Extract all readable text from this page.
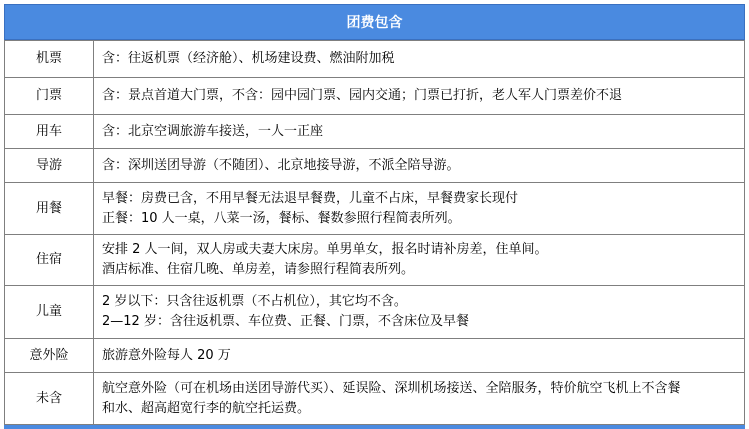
团费包含
机票	含：往返机票（经济舱）、机场建设费、燃油附加税

门票	含：景点首道大门票，不含：园中园门票、园内交通；门票已打折，老人军人门票差价不退

用车	含：北京空调旅游车接送，一人一正座

导游	含：深圳送团导游（不随团）、北京地接导游，不派全陪导游。

用餐	早餐：房费已含，不用早餐无法退早餐费，儿童不占床，早餐费家长现付
正餐：10 人一桌，八菜一汤，餐标、餐数参照行程简表所列。

住宿	安排 2 人一间，双人房或夫妻大床房。单男单女，报名时请补房差，住单间。
酒店标准、住宿几晚、单房差，请参照行程简表所列。

儿童	2 岁以下：只含往返机票（不占机位），其它均不含。
2—12 岁：含往返机票、车位费、正餐、门票，不含床位及早餐

意外险	旅游意外险每人 20 万

未含	航空意外险（可在机场由送团导游代买）、延误险、深圳机场接送、全陪服务，特价航空飞机上不含餐
和水、超高超宽行李的航空托运费。
